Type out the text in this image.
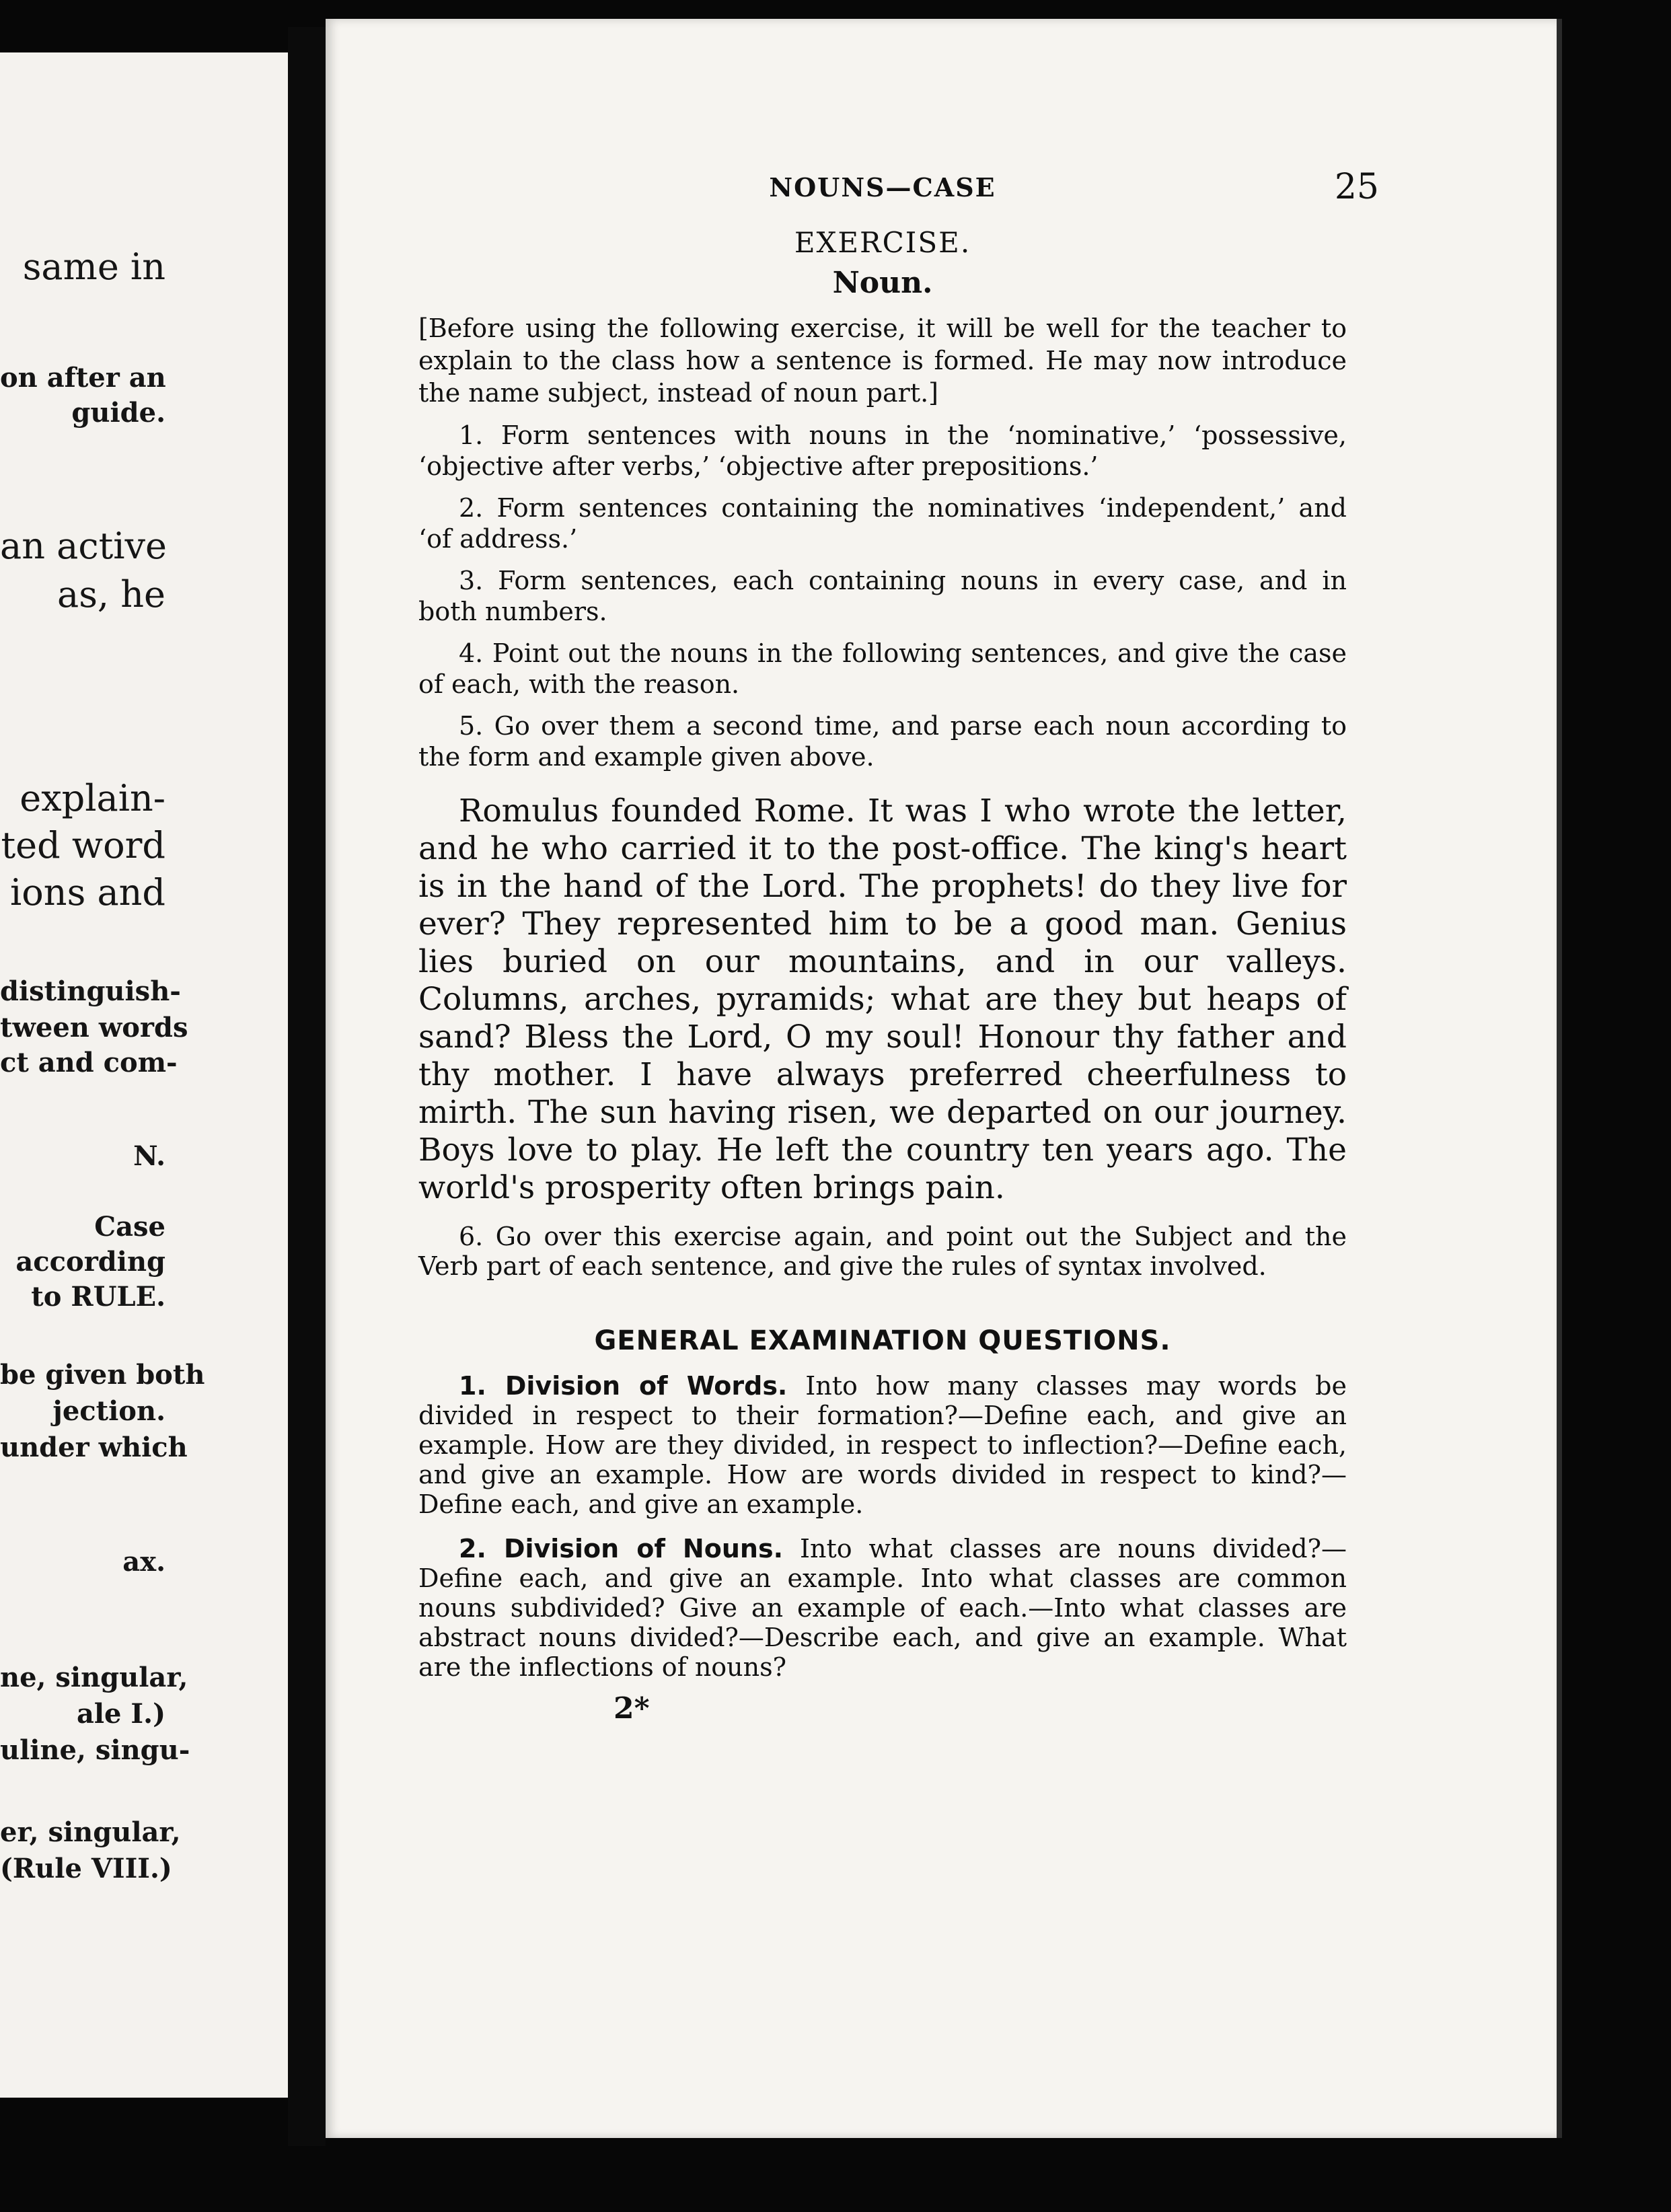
same in
on after an
guide.
an active
as, he
explain-
ted word
ions and
distinguish-
tween words
ct and com-
N.
Case
according
to RULE.
be given both
jection.
under which
ax.
ne, singular,
ale I.)
uline, singu-
er, singular,
(Rule VIII.)
NOUNS—CASE	25
EXERCISE.
Noun.

[Before using the following exercise, it will be well for the teacher to explain to the class how a sentence is formed. He may now introduce the name subject, instead of noun part.]

1. Form sentences with nouns in the ‘nominative,’ ‘possessive, ‘objective after verbs,’ ‘objective after prepositions.’

2. Form sentences containing the nominatives ‘independent,’ and ‘of address.’

3. Form sentences, each containing nouns in every case, and in both numbers.

4. Point out the nouns in the following sentences, and give the case of each, with the reason.

5. Go over them a second time, and parse each noun according to the form and example given above.

Romulus founded Rome. It was I who wrote the letter, and he who carried it to the post-office. The king's heart is in the hand of the Lord. The prophets! do they live for ever? They represented him to be a good man. Genius lies buried on our mountains, and in our valleys. Columns, arches, pyramids; what are they but heaps of sand? Bless the Lord, O my soul! Honour thy father and thy mother. I have always preferred cheerfulness to mirth. The sun having risen, we departed on our journey. Boys love to play. He left the country ten years ago. The world's prosperity often brings pain.

6. Go over this exercise again, and point out the Subject and the Verb part of each sentence, and give the rules of syntax involved.

GENERAL EXAMINATION QUESTIONS.

1. Division of Words. Into how many classes may words be divided in respect to their formation?—Define each, and give an example. How are they divided, in respect to inflection?—Define each, and give an example. How are words divided in respect to kind?—Define each, and give an example.

2. Division of Nouns. Into what classes are nouns divided?—Define each, and give an example. Into what classes are common nouns subdivided? Give an example of each.—Into what classes are abstract nouns divided?—Describe each, and give an example. What are the inflections of nouns?

2*
